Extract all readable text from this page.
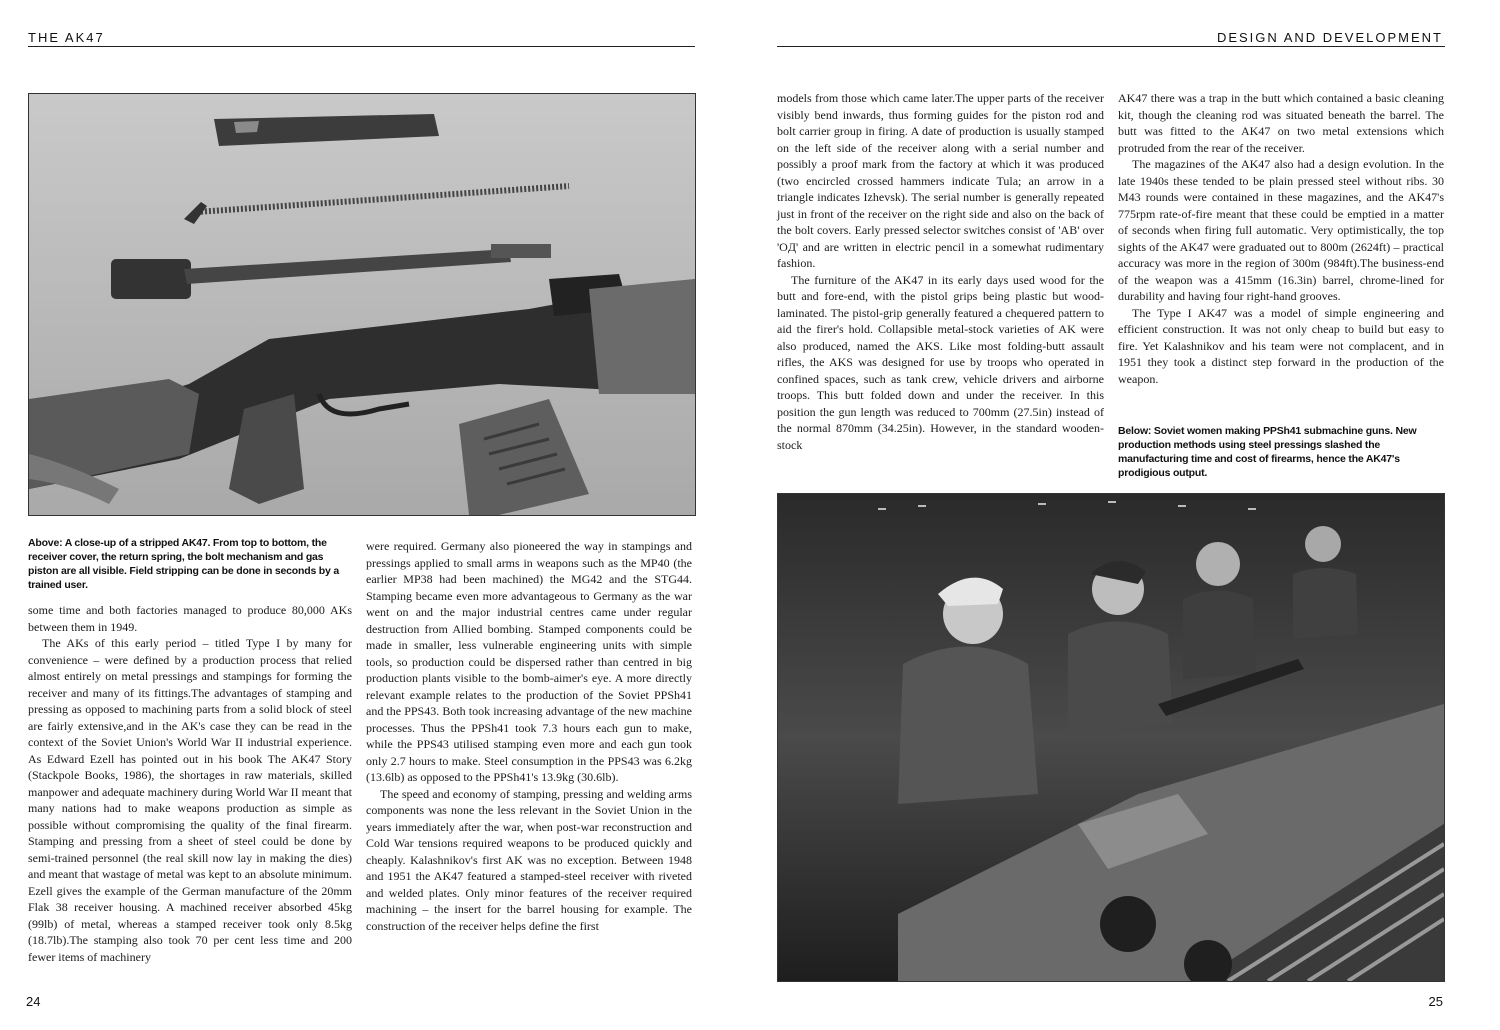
THE AK47
Above: A close-up of a stripped AK47. From top to bottom, the receiver cover, the return spring, the bolt mechanism and gas piston are all visible. Field stripping can be done in seconds by a trained user.

some time and both factories managed to produce 80,000 AKs between them in 1949.

The AKs of this early period – titled Type I by many for convenience – were defined by a production process that relied almost entirely on metal pressings and stampings for forming the receiver and many of its fittings.The advantages of stamping and pressing as opposed to machining parts from a solid block of steel are fairly extensive,and in the AK's case they can be read in the context of the Soviet Union's World War II industrial experience. As Edward Ezell has pointed out in his book The AK47 Story (Stackpole Books, 1986), the shortages in raw materials, skilled manpower and adequate machinery during World War II meant that many nations had to make weapons production as simple as possible without compromising the quality of the final firearm. Stamping and pressing from a sheet of steel could be done by semi-trained personnel (the real skill now lay in making the dies) and meant that wastage of metal was kept to an absolute minimum. Ezell gives the example of the German manufacture of the 20mm Flak 38 receiver housing. A machined receiver absorbed 45kg (99lb) of metal, whereas a stamped receiver took only 8.5kg (18.7lb).The stamping also took 70 per cent less time and 200 fewer items of machinery

were required. Germany also pioneered the way in stampings and pressings applied to small arms in weapons such as the MP40 (the earlier MP38 had been machined) the MG42 and the STG44. Stamping became even more advantageous to Germany as the war went on and the major industrial centres came under regular destruction from Allied bombing. Stamped components could be made in smaller, less vulnerable engineering units with simple tools, so production could be dispersed rather than centred in big production plants visible to the bomb-aimer's eye. A more directly relevant example relates to the production of the Soviet PPSh41 and the PPS43. Both took increasing advantage of the new machine processes. Thus the PPSh41 took 7.3 hours each gun to make, while the PPS43 utilised stamping even more and each gun took only 2.7 hours to make. Steel consumption in the PPS43 was 6.2kg (13.6lb) as opposed to the PPSh41's 13.9kg (30.6lb).

The speed and economy of stamping, pressing and welding arms components was none the less relevant in the Soviet Union in the years immediately after the war, when post-war reconstruction and Cold War tensions required weapons to be produced quickly and cheaply. Kalashnikov's first AK was no exception. Between 1948 and 1951 the AK47 featured a stamped-steel receiver with riveted and welded plates. Only minor features of the receiver required machining – the insert for the barrel housing for example. The construction of the receiver helps define the first

24
DESIGN AND DEVELOPMENT

models from those which came later.The upper parts of the receiver visibly bend inwards, thus forming guides for the piston rod and bolt carrier group in firing. A date of production is usually stamped on the left side of the receiver along with a serial number and possibly a proof mark from the factory at which it was produced (two encircled crossed hammers indicate Tula; an arrow in a triangle indicates Izhevsk). The serial number is generally repeated just in front of the receiver on the right side and also on the back of the bolt covers. Early pressed selector switches consist of 'AB' over 'OД' and are written in electric pencil in a somewhat rudimentary fashion.

The furniture of the AK47 in its early days used wood for the butt and fore-end, with the pistol grips being plastic but wood-laminated. The pistol-grip generally featured a chequered pattern to aid the firer's hold. Collapsible metal-stock varieties of AK were also produced, named the AKS. Like most folding-butt assault rifles, the AKS was designed for use by troops who operated in confined spaces, such as tank crew, vehicle drivers and airborne troops. This butt folded down and under the receiver. In this position the gun length was reduced to 700mm (27.5in) instead of the normal 870mm (34.25in). However, in the standard wooden-stock

AK47 there was a trap in the butt which contained a basic cleaning kit, though the cleaning rod was situated beneath the barrel. The butt was fitted to the AK47 on two metal extensions which protruded from the rear of the receiver.

The magazines of the AK47 also had a design evolution. In the late 1940s these tended to be plain pressed steel without ribs. 30 M43 rounds were contained in these magazines, and the AK47's 775rpm rate-of-fire meant that these could be emptied in a matter of seconds when firing full automatic. Very optimistically, the top sights of the AK47 were graduated out to 800m (2624ft) – practical accuracy was more in the region of 300m (984ft).The business-end of the weapon was a 415mm (16.3in) barrel, chrome-lined for durability and having four right-hand grooves.

The Type I AK47 was a model of simple engineering and efficient construction. It was not only cheap to build but easy to fire. Yet Kalashnikov and his team were not complacent, and in 1951 they took a distinct step forward in the production of the weapon.

Below: Soviet women making PPSh41 submachine guns. New production methods using steel pressings slashed the manufacturing time and cost of firearms, hence the AK47's prodigious output.
25
